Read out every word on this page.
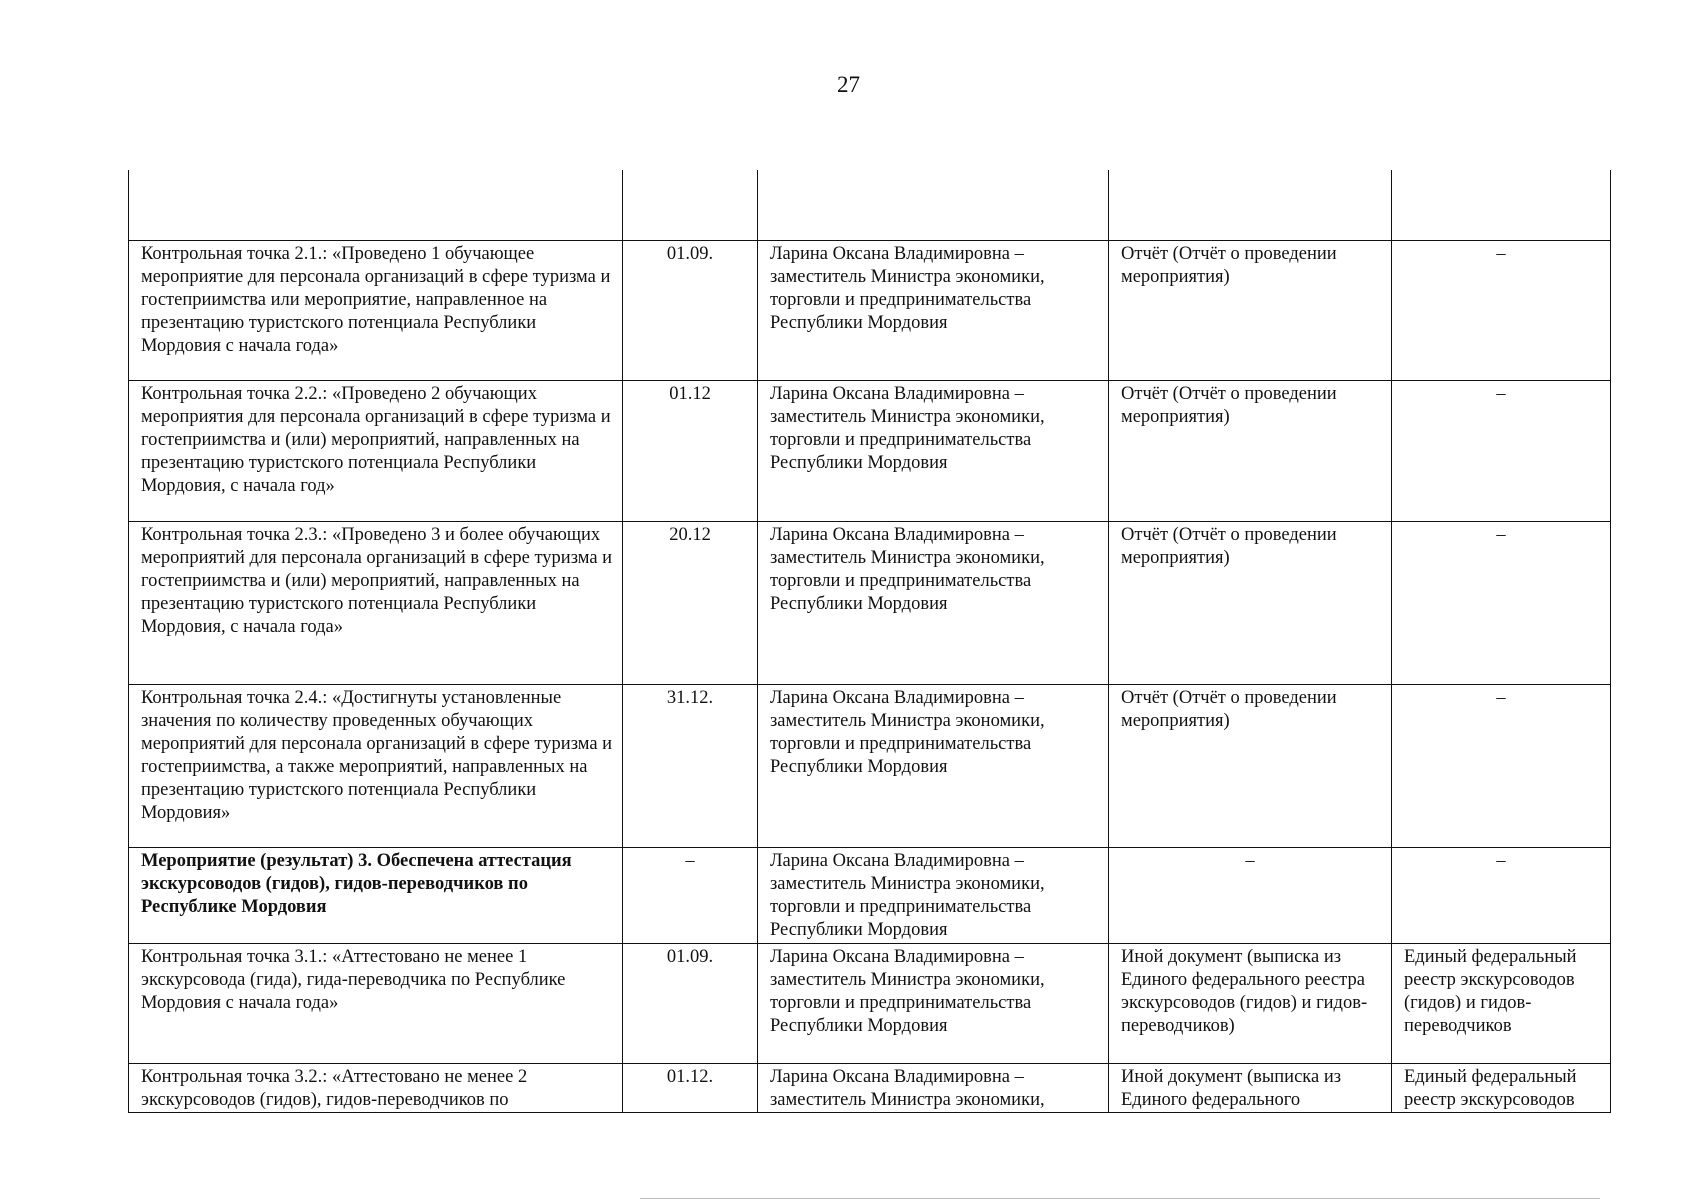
27

Контрольная точка 2.1.: «Проведено 1 обучающее мероприятие для персонала организаций в сфере туризма и гостеприимства или мероприятие, направленное на презентацию туристского потенциала Республики Мордовия с начала года»	01.09.	Ларина Оксана Владимировна – заместитель Министра экономики, торговли и предпринимательства Республики Мордовия	Отчёт (Отчёт о проведении мероприятия)	–
Контрольная точка 2.2.: «Проведено 2 обучающих мероприятия для персонала организаций в сфере туризма и гостеприимства и (или) мероприятий, направленных на презентацию туристского потенциала Республики Мордовия, с начала год»	01.12	Ларина Оксана Владимировна – заместитель Министра экономики, торговли и предпринимательства Республики Мордовия	Отчёт (Отчёт о проведении мероприятия)	–
Контрольная точка 2.3.: «Проведено 3 и более обучающих мероприятий для персонала организаций в сфере туризма и гостеприимства и (или) мероприятий, направленных на презентацию туристского потенциала Республики Мордовия, с начала года»	20.12	Ларина Оксана Владимировна – заместитель Министра экономики, торговли и предпринимательства Республики Мордовия	Отчёт (Отчёт о проведении мероприятия)	–
Контрольная точка 2.4.: «Достигнуты установленные значения по количеству проведенных обучающих мероприятий для персонала организаций в сфере туризма и гостеприимства, а также мероприятий, направленных на презентацию туристского потенциала Республики Мордовия»	31.12.	Ларина Оксана Владимировна – заместитель Министра экономики, торговли и предпринимательства Республики Мордовия	Отчёт (Отчёт о проведении мероприятия)	–
Мероприятие (результат) 3. Обеспечена аттестация экскурсоводов (гидов), гидов-переводчиков по Республике Мордовия	–	Ларина Оксана Владимировна – заместитель Министра экономики, торговли и предпринимательства Республики Мордовия	–	–
Контрольная точка 3.1.: «Аттестовано не менее 1 экскурсовода (гида), гида-переводчика по Республике Мордовия с начала года»	01.09.	Ларина Оксана Владимировна – заместитель Министра экономики, торговли и предпринимательства Республики Мордовия	Иной документ (выписка из Единого федерального реестра экскурсоводов (гидов) и гидов-переводчиков)	Единый федеральный реестр экскурсоводов (гидов) и гидов-переводчиков
Контрольная точка 3.2.: «Аттестовано не менее 2 экскурсоводов (гидов), гидов-переводчиков по	01.12.	Ларина Оксана Владимировна – заместитель Министра экономики,	Иной документ (выписка из Единого федерального	Единый федеральный реестр экскурсоводов
